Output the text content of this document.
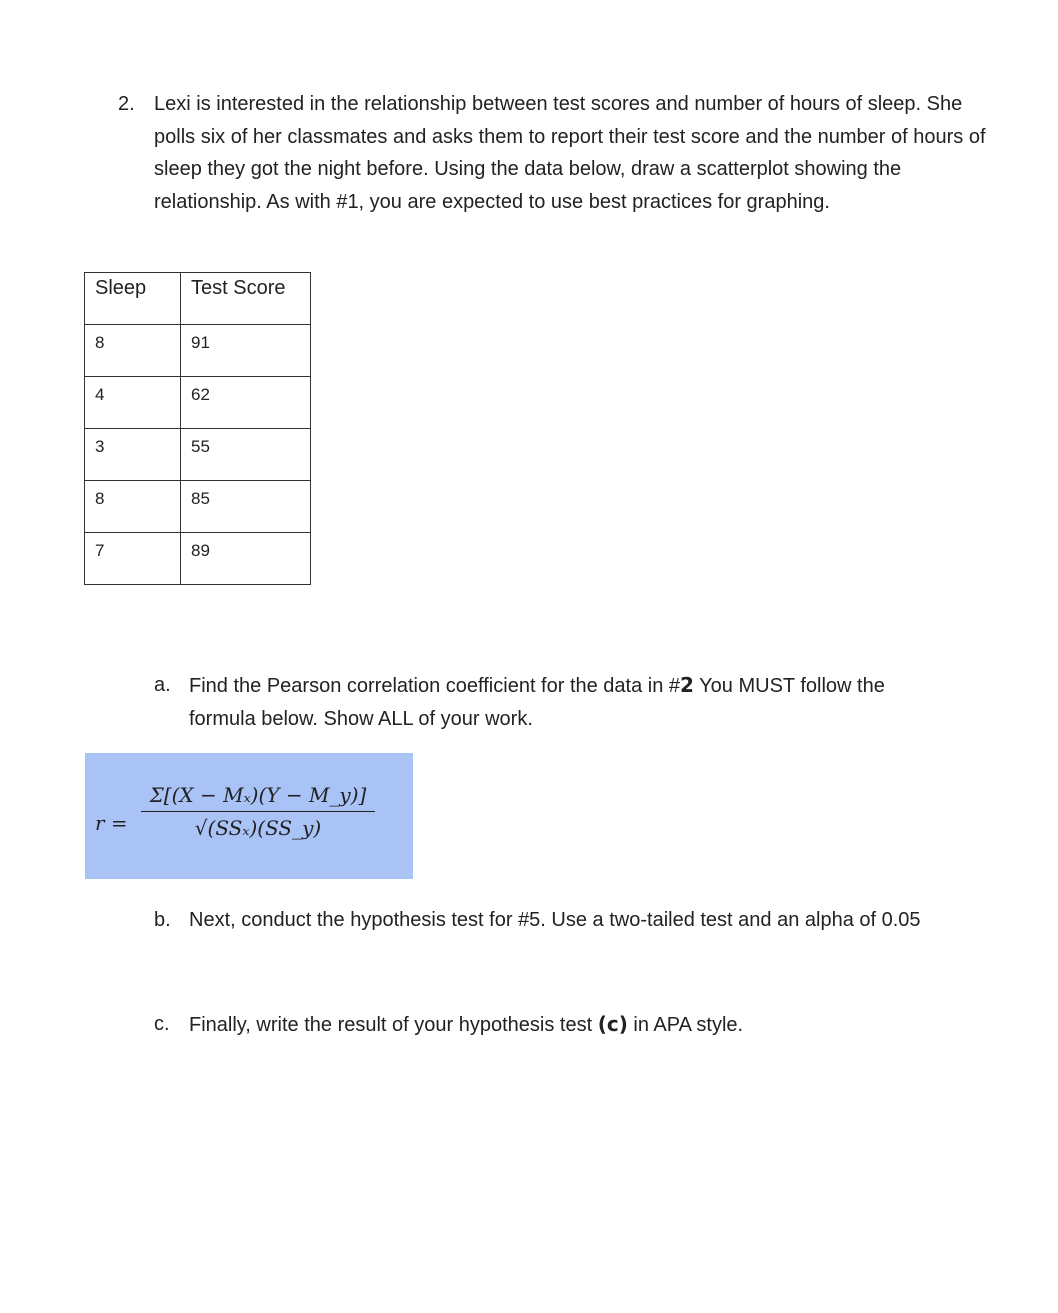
2. Lexi is interested in the relationship between test scores and number of hours of sleep. She polls six of her classmates and asks them to report their test score and the number of hours of sleep they got the night before. Using the data below, draw a scatterplot showing the relationship. As with #1, you are expected to use best practices for graphing.
Sleep	Test Score
8	91
4	62
3	55
8	85
7	89
a. Find the Pearson correlation coefficient for the data in #2 You MUST follow the formula below. Show ALL of your work.
r =
Σ[(X − Mₓ)(Y − M_y)]
√(SSₓ)(SS_y)
b. Next, conduct the hypothesis test for #5. Use a two-tailed test and an alpha of 0.05
c. Finally, write the result of your hypothesis test (c) in APA style.
